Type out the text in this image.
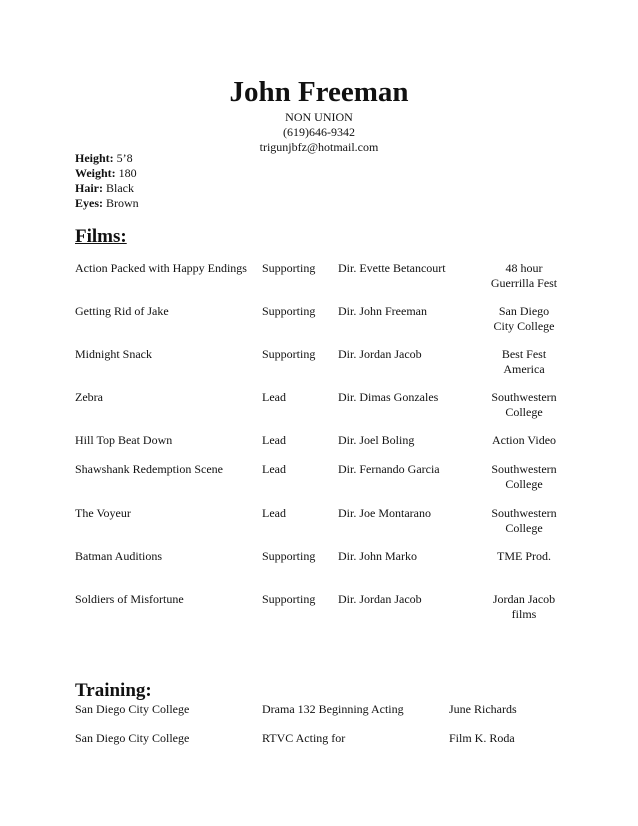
John Freeman
NON UNION
(619)646-9342
trigunjbfz@hotmail.com
Height: 5’8
Weight: 180
Hair: Black
Eyes: Brown
Films:
Action Packed with Happy Endings Supporting Dir. Evette Betancourt	48 hour
Guerrilla Fest
Getting Rid of Jake	Supporting Dir. John Freeman	San Diego
City College
Midnight Snack	Supporting Dir. Jordan Jacob	Best Fest
America
Zebra	Lead	Dir. Dimas Gonzales	Southwestern
College
Hill Top Beat Down	Lead	Dir. Joel Boling	Action Video
Shawshank Redemption Scene	Lead	Dir. Fernando Garcia	Southwestern
College
The Voyeur	Lead	Dir. Joe Montarano	Southwestern
College
Batman Auditions	Supporting Dir. John Marko	TME Prod.
Soldiers of Misfortune	Supporting Dir. Jordan Jacob	Jordan Jacob
films
Training:
San Diego City College	Drama 132 Beginning Acting	June Richards
San Diego City College	RTVC Acting for	Film K. Roda
